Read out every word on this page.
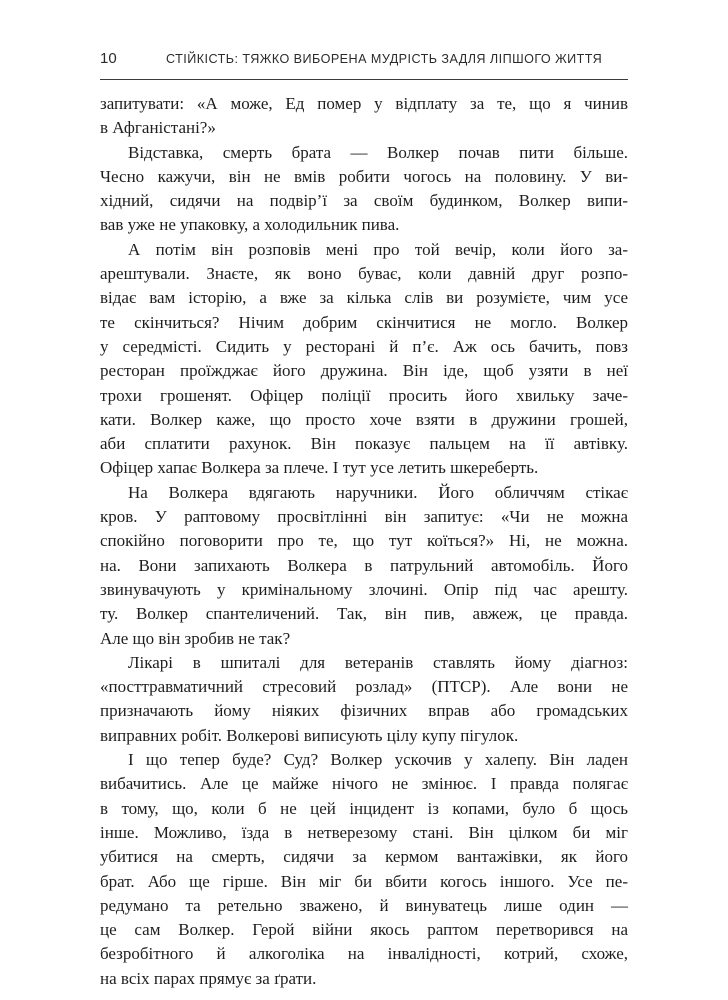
10	СТІЙКІСТЬ: ТЯЖКО ВИБОРЕНА МУДРІСТЬ ЗАДЛЯ ЛІПШОГО ЖИТТЯ
запитувати: «А може, Ед помер у відплату за те, що я чинив
в Афганістані?»
Відставка, смерть брата — Волкер почав пити більше.
Чесно кажучи, він не вмів робити чогось на половину. У ви-
хідний, сидячи на подвір’ї за своїм будинком, Волкер випи-
вав уже не упаковку, а холодильник пива.
А потім він розповів мені про той вечір, коли його за-
арештували. Знаєте, як воно буває, коли давній друг розпо-
відає вам історію, а вже за кілька слів ви розумієте, чим усе
те скінчиться? Нічим добрим скінчитися не могло. Волкер
у середмісті. Сидить у ресторані й п’є. Аж ось бачить, повз
ресторан проїжджає його дружина. Він іде, щоб узяти в неї
трохи грошенят. Офіцер поліції просить його хвильку заче-
кати. Волкер каже, що просто хоче взяти в дружини грошей,
аби сплатити рахунок. Він показує пальцем на її автівку.
Офіцер хапає Волкера за плече. І тут усе летить шкереберть.
На Волкера вдягають наручники. Його обличчям стікає
кров. У раптовому просвітлінні він запитує: «Чи не можна
спокійно поговорити про те, що тут коїться?» Ні, не можна.
на. Вони запихають Волкера в патрульний автомобіль. Його
звинувачують у кримінальному злочині. Опір під час арешту.
ту. Волкер спантеличений. Так, він пив, авжеж, це правда.
Але що він зробив не так?
Лікарі в шпиталі для ветеранів ставлять йому діагноз:
«посттравматичний стресовий розлад» (ПТСР). Але вони не
призначають йому ніяких фізичних вправ або громадських
виправних робіт. Волкерові виписують цілу купу пігулок.
І що тепер буде? Суд? Волкер ускочив у халепу. Він ладен
вибачитись. Але це майже нічого не змінює. І правда полягає
в тому, що, коли б не цей інцидент із копами, було б щось
інше. Можливо, їзда в нетверезому стані. Він цілком би міг
убитися на смерть, сидячи за кермом вантажівки, як його
брат. Або ще гірше. Він міг би вбити когось іншого. Усе пе-
редумано та ретельно зважено, й винуватець лише один —
це сам Волкер. Герой війни якось раптом перетворився на
безробітного й алкоголіка на інвалідності, котрий, схоже,
на всіх парах прямує за ґрати.
